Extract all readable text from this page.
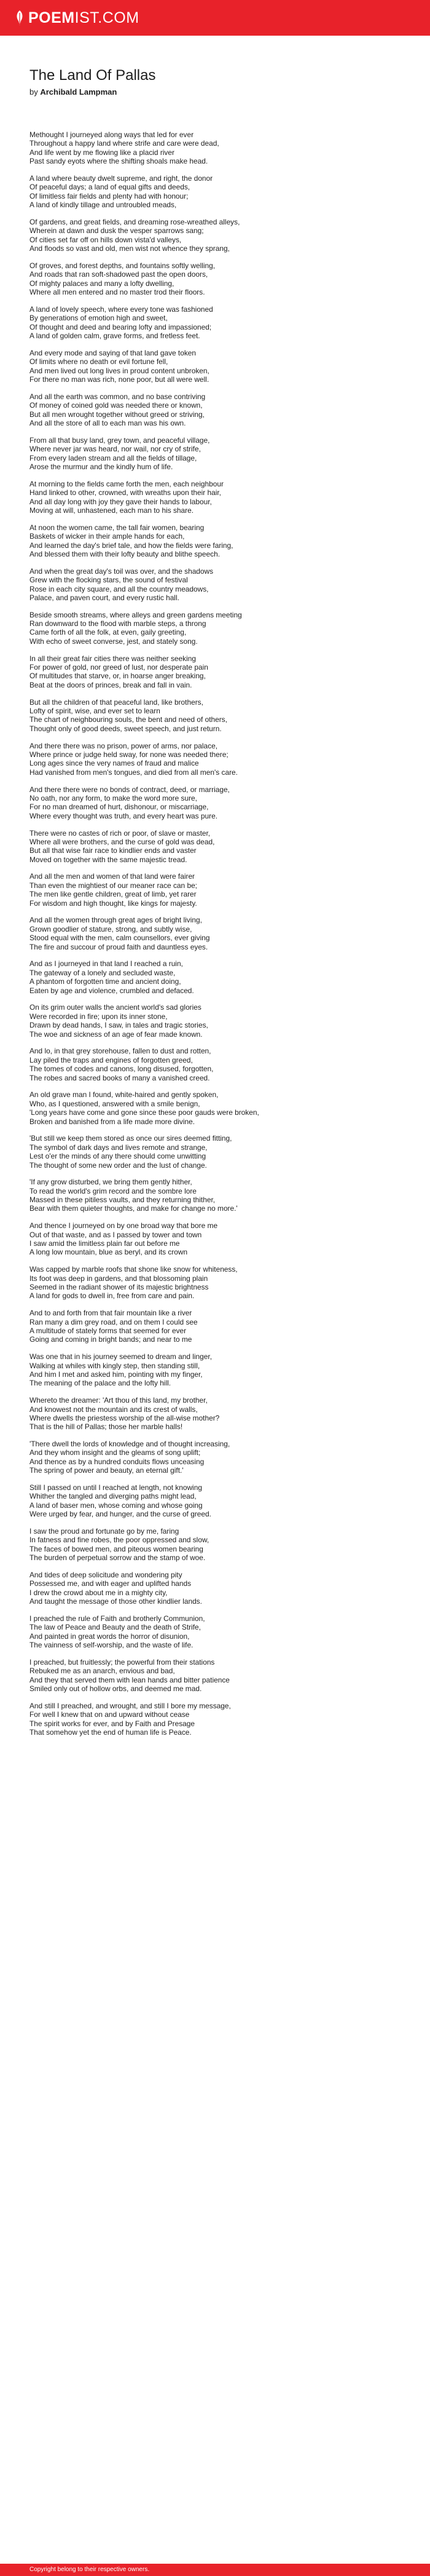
POEMIST.COM
The Land Of Pallas
by Archibald Lampman
Methought I journeyed along ways that led for ever
Throughout a happy land where strife and care were dead,
And life went by me flowing like a placid river
Past sandy eyots where the shifting shoals make head.
A land where beauty dwelt supreme, and right, the donor
Of peaceful days; a land of equal gifts and deeds,
Of limitless fair fields and plenty had with honour;
A land of kindly tillage and untroubled meads,
Of gardens, and great fields, and dreaming rose-wreathed alleys,
Wherein at dawn and dusk the vesper sparrows sang;
Of cities set far off on hills down vista'd valleys,
And floods so vast and old, men wist not whence they sprang,
Of groves, and forest depths, and fountains softly welling,
And roads that ran soft-shadowed past the open doors,
Of mighty palaces and many a lofty dwelling,
Where all men entered and no master trod their floors.
A land of lovely speech, where every tone was fashioned
By generations of emotion high and sweet,
Of thought and deed and bearing lofty and impassioned;
A land of golden calm, grave forms, and fretless feet.
And every mode and saying of that land gave token
Of limits where no death or evil fortune fell,
And men lived out long lives in proud content unbroken,
For there no man was rich, none poor, but all were well.
And all the earth was common, and no base contriving
Of money of coined gold was needed there or known,
But all men wrought together without greed or striving,
And all the store of all to each man was his own.
From all that busy land, grey town, and peaceful village,
Where never jar was heard, nor wail, nor cry of strife,
From every laden stream and all the fields of tillage,
Arose the murmur and the kindly hum of life.
At morning to the fields came forth the men, each neighbour
Hand linked to other, crowned, with wreaths upon their hair,
And all day long with joy they gave their hands to labour,
Moving at will, unhastened, each man to his share.
At noon the women came, the tall fair women, bearing
Baskets of wicker in their ample hands for each,
And learned the day's brief tale, and how the fields were faring,
And blessed them with their lofty beauty and blithe speech.
And when the great day's toil was over, and the shadows
Grew with the flocking stars, the sound of festival
Rose in each city square, and all the country meadows,
Palace, and paven court, and every rustic hall.
Beside smooth streams, where alleys and green gardens meeting
Ran downward to the flood with marble steps, a throng
Came forth of all the folk, at even, gaily greeting,
With echo of sweet converse, jest, and stately song.
In all their great fair cities there was neither seeking
For power of gold, nor greed of lust, nor desperate pain
Of multitudes that starve, or, in hoarse anger breaking,
Beat at the doors of princes, break and fall in vain.
But all the children of that peaceful land, like brothers,
Lofty of spirit, wise, and ever set to learn
The chart of neighbouring souls, the bent and need of others,
Thought only of good deeds, sweet speech, and just return.
And there there was no prison, power of arms, nor palace,
Where prince or judge held sway, for none was needed there;
Long ages since the very names of fraud and malice
Had vanished from men's tongues, and died from all men's care.
And there there were no bonds of contract, deed, or marriage,
No oath, nor any form, to make the word more sure,
For no man dreamed of hurt, dishonour, or miscarriage,
Where every thought was truth, and every heart was pure.
There were no castes of rich or poor, of slave or master,
Where all were brothers, and the curse of gold was dead,
But all that wise fair race to kindlier ends and vaster
Moved on together with the same majestic tread.
And all the men and women of that land were fairer
Than even the mightiest of our meaner race can be;
The men like gentle children, great of limb, yet rarer
For wisdom and high thought, like kings for majesty.
And all the women through great ages of bright living,
Grown goodlier of stature, strong, and subtly wise,
Stood equal with the men, calm counsellors, ever giving
The fire and succour of proud faith and dauntless eyes.
And as I journeyed in that land I reached a ruin,
The gateway of a lonely and secluded waste,
A phantom of forgotten time and ancient doing,
Eaten by age and violence, crumbled and defaced.
On its grim outer walls the ancient world's sad glories
Were recorded in fire; upon its inner stone,
Drawn by dead hands, I saw, in tales and tragic stories,
The woe and sickness of an age of fear made known.
And lo, in that grey storehouse, fallen to dust and rotten,
Lay piled the traps and engines of forgotten greed,
The tomes of codes and canons, long disused, forgotten,
The robes and sacred books of many a vanished creed.
An old grave man I found, white-haired and gently spoken,
Who, as I questioned, answered with a smile benign,
'Long years have come and gone since these poor gauds were broken,
Broken and banished from a life made more divine.
'But still we keep them stored as once our sires deemed fitting,
The symbol of dark days and lives remote and strange,
Lest o'er the minds of any there should come unwitting
The thought of some new order and the lust of change.
'If any grow disturbed, we bring them gently hither,
To read the world's grim record and the sombre lore
Massed in these pitiless vaults, and they returning thither,
Bear with them quieter thoughts, and make for change no more.'
And thence I journeyed on by one broad way that bore me
Out of that waste, and as I passed by tower and town
I saw amid the limitless plain far out before me
A long low mountain, blue as beryl, and its crown
Was capped by marble roofs that shone like snow for whiteness,
Its foot was deep in gardens, and that blossoming plain
Seemed in the radiant shower of its majestic brightness
A land for gods to dwell in, free from care and pain.
And to and forth from that fair mountain like a river
Ran many a dim grey road, and on them I could see
A multitude of stately forms that seemed for ever
Going and coming in bright bands; and near to me
Was one that in his journey seemed to dream and linger,
Walking at whiles with kingly step, then standing still,
And him I met and asked him, pointing with my finger,
The meaning of the palace and the lofty hill.
Whereto the dreamer: 'Art thou of this land, my brother,
And knowest not the mountain and its crest of walls,
Where dwells the priestess worship of the all-wise mother?
That is the hill of Pallas; those her marble halls!
'There dwell the lords of knowledge and of thought increasing,
And they whom insight and the gleams of song uplift;
And thence as by a hundred conduits flows unceasing
The spring of power and beauty, an eternal gift.'
Still I passed on until I reached at length, not knowing
Whither the tangled and diverging paths might lead,
A land of baser men, whose coming and whose going
Were urged by fear, and hunger, and the curse of greed.
I saw the proud and fortunate go by me, faring
In fatness and fine robes, the poor oppressed and slow,
The faces of bowed men, and piteous women bearing
The burden of perpetual sorrow and the stamp of woe.
And tides of deep solicitude and wondering pity
Possessed me, and with eager and uplifted hands
I drew the crowd about me in a mighty city,
And taught the message of those other kindlier lands.
I preached the rule of Faith and brotherly Communion,
The law of Peace and Beauty and the death of Strife,
And painted in great words the horror of disunion,
The vainness of self-worship, and the waste of life.
I preached, but fruitlessly; the powerful from their stations
Rebuked me as an anarch, envious and bad,
And they that served them with lean hands and bitter patience
Smiled only out of hollow orbs, and deemed me mad.
And still I preached, and wrought, and still I bore my message,
For well I knew that on and upward without cease
The spirit works for ever, and by Faith and Presage
That somehow yet the end of human life is Peace.
Copyright belong to their respective owners.
